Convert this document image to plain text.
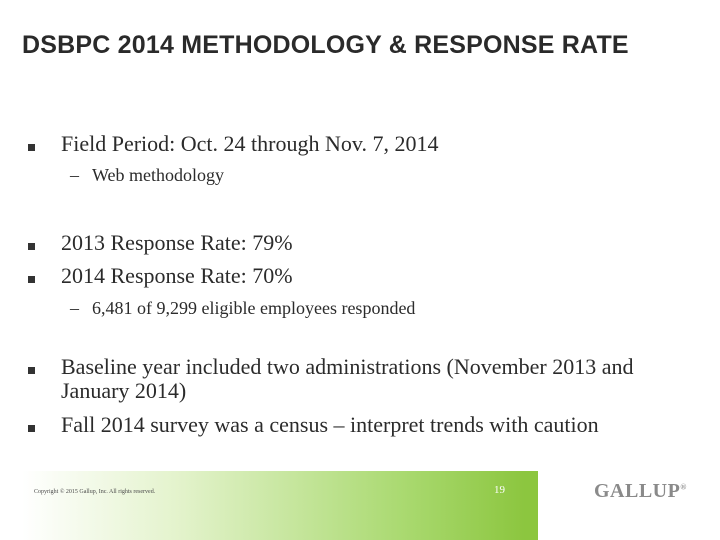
DSBPC 2014 METHODOLOGY & RESPONSE RATE
Field Period: Oct. 24 through Nov. 7, 2014
– Web methodology
2013 Response Rate: 79%
2014 Response Rate: 70%
– 6,481 of 9,299 eligible employees responded
Baseline year included two administrations (November 2013 and January 2014)
Fall 2014 survey was a census – interpret trends with caution
Copyright © 2015 Gallup, Inc. All rights reserved.	19	GALLUP®
